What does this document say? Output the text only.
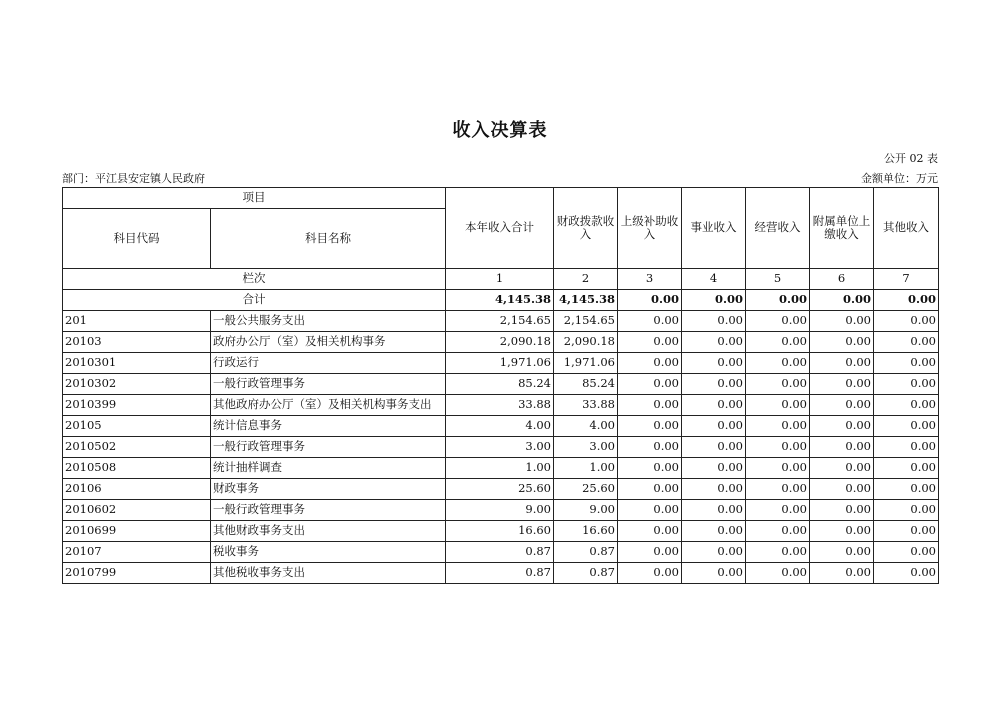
收入决算表
公开 02 表
部门：平江县安定镇人民政府	金额单位：万元
项目		本年收入合计	财政拨款收入	上级补助收入	事业收入	经营收入	附属单位上缴收入	其他收入
科目代码	科目名称							
栏次		1	2	3	4	5	6	7
合计		4,145.38	4,145.38	0.00	0.00	0.00	0.00	0.00
201	一般公共服务支出	2,154.65	2,154.65	0.00	0.00	0.00	0.00	0.00
20103	政府办公厅（室）及相关机构事务	2,090.18	2,090.18	0.00	0.00	0.00	0.00	0.00
2010301	行政运行	1,971.06	1,971.06	0.00	0.00	0.00	0.00	0.00
2010302	一般行政管理事务	85.24	85.24	0.00	0.00	0.00	0.00	0.00
2010399	其他政府办公厅（室）及相关机构事务支出	33.88	33.88	0.00	0.00	0.00	0.00	0.00
20105	统计信息事务	4.00	4.00	0.00	0.00	0.00	0.00	0.00
2010502	一般行政管理事务	3.00	3.00	0.00	0.00	0.00	0.00	0.00
2010508	统计抽样调查	1.00	1.00	0.00	0.00	0.00	0.00	0.00
20106	财政事务	25.60	25.60	0.00	0.00	0.00	0.00	0.00
2010602	一般行政管理事务	9.00	9.00	0.00	0.00	0.00	0.00	0.00
2010699	其他财政事务支出	16.60	16.60	0.00	0.00	0.00	0.00	0.00
20107	税收事务	0.87	0.87	0.00	0.00	0.00	0.00	0.00
2010799	其他税收事务支出	0.87	0.87	0.00	0.00	0.00	0.00	0.00
